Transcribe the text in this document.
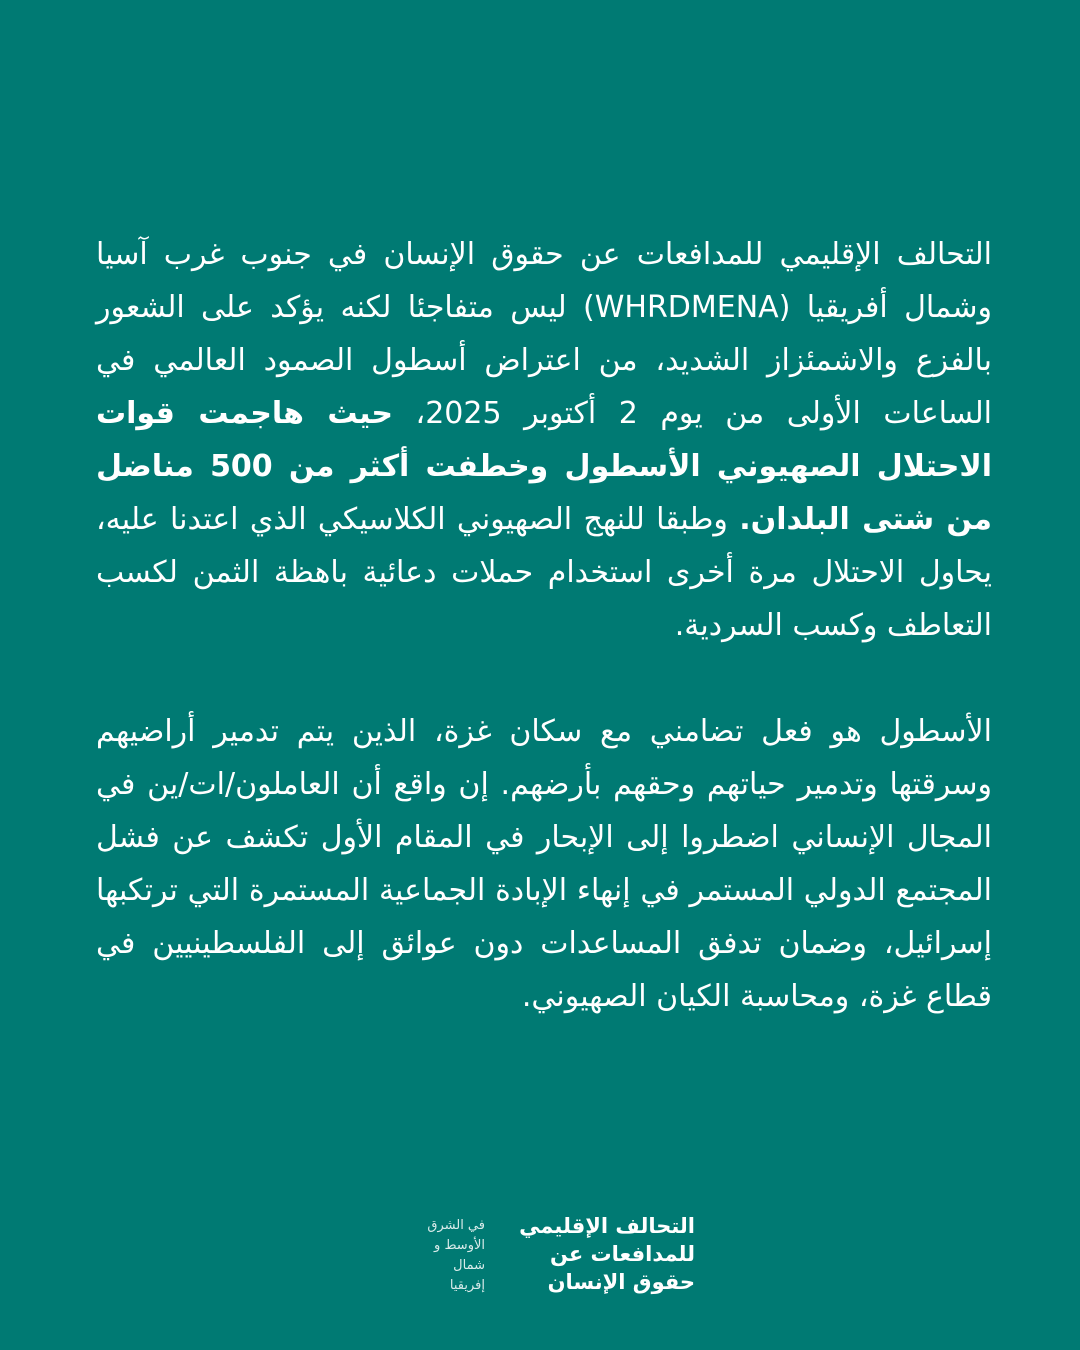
التحالف الإقليمي للمدافعات عن حقوق الإنسان في جنوب غرب آسيا وشمال أفريقيا (WHRDMENA) ليس متفاجئا لكنه يؤكد على الشعور بالفزع والاشمئزاز الشديد، من اعتراض أسطول الصمود العالمي في الساعات الأولى من يوم 2 أكتوبر 2025، حيث هاجمت قوات الاحتلال الصهيوني الأسطول وخطفت أكثر من 500 مناضل من شتى البلدان. وطبقا للنهج الصهيوني الكلاسيكي الذي اعتدنا عليه، يحاول الاحتلال مرة أخرى استخدام حملات دعائية باهظة الثمن لكسب التعاطف وكسب السردية.

الأسطول هو فعل تضامني مع سكان غزة، الذين يتم تدمير أراضيهم وسرقتها وتدمير حياتهم وحقهم بأرضهم. إن واقع أن العاملون/ات/ين في المجال الإنساني اضطروا إلى الإبحار في المقام الأول تكشف عن فشل المجتمع الدولي المستمر في إنهاء الإبادة الجماعية المستمرة التي ترتكبها إسرائيل، وضمان تدفق المساعدات دون عوائق إلى الفلسطينيين في قطاع غزة، ومحاسبة الكيان الصهيوني.

التحالف الإقليمي
للمدافعات عن
حقوق الإنسان
في الشرق
الأوسط و
شمال
إفريقيا
